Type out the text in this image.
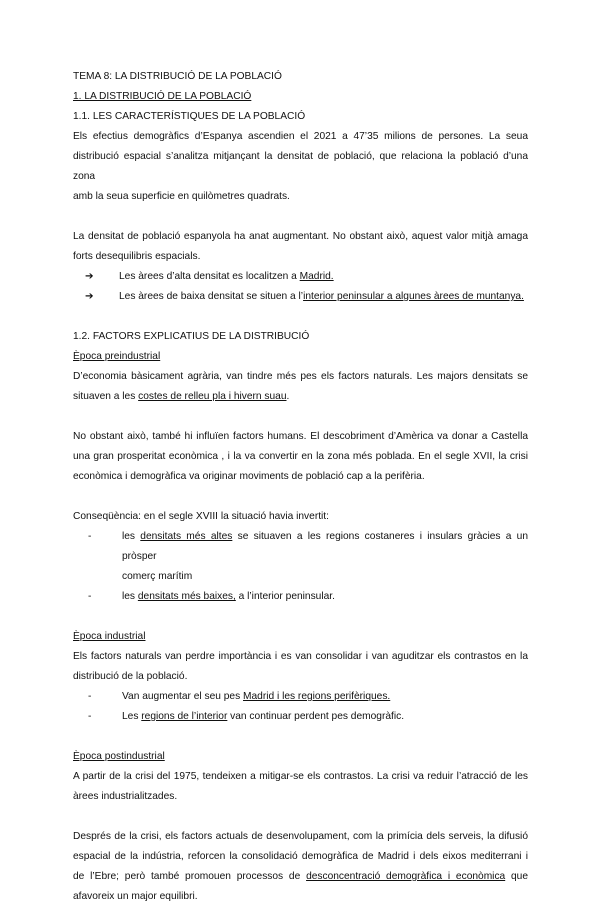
TEMA 8: LA DISTRIBUCIÓ DE LA POBLACIÓ

1. LA DISTRIBUCIÓ DE LA POBLACIÓ

1.1. LES CARACTERÍSTIQUES DE LA POBLACIÓ

Els efectius demogràfics d’Espanya ascendien el 2021 a 47’35 milions de persones. La seua
distribució espacial s’analitza mitjançant la densitat de població, que relaciona la població d’una zona
amb la seua superficie en quilòmetres quadrats.
La densitat de població espanyola ha anat augmentant. No obstant això, aquest valor mitjà amaga
forts desequilibris espacials.
➔ Les àrees d’alta densitat es localitzen a Madrid.
➔ Les àrees de baixa densitat se situen a l’interior peninsular a algunes àrees de muntanya.

1.2. FACTORS EXPLICATIUS DE LA DISTRIBUCIÓ

Època preindustrial

D’economia bàsicament agrària, van tindre més pes els factors naturals. Les majors densitats se
situaven a les costes de relleu pla i hivern suau.
No obstant això, també hi influïen factors humans. El descobriment d’Amèrica va donar a Castella
una gran prosperitat econòmica , i la va convertir en la zona més poblada. En el segle XVII, la crisi
econòmica i demogràfica va originar moviments de població cap a la perifèria.

Conseqüència: en el segle XVIII la situació havia invertit:

-	les densitats més altes se situaven a les regions costaneres i insulars gràcies a un pròsper
comerç marítim
-	les densitats més baixes, a l’interior peninsular.

Època industrial

Els factors naturals van perdre importància i es van consolidar i van aguditzar els contrastos en la
distribució de la població.
-	Van augmentar el seu pes Madrid i les regions perifèriques.
-	Les regions de l’interior van continuar perdent pes demogràfic.

Època postindustrial

A partir de la crisi del 1975, tendeixen a mitigar-se els contrastos. La crisi va reduir l’atracció de les
àrees industrialitzades.
Després de la crisi, els factors actuals de desenvolupament, com la primícia dels serveis, la difusió
espacial de la indústria, reforcen la consolidació demogràfica de Madrid i dels eixos mediterrani i
de l’Ebre; però també promouen processos de desconcentració demogràfica i econòmica que
afavoreix un major equilibri.
